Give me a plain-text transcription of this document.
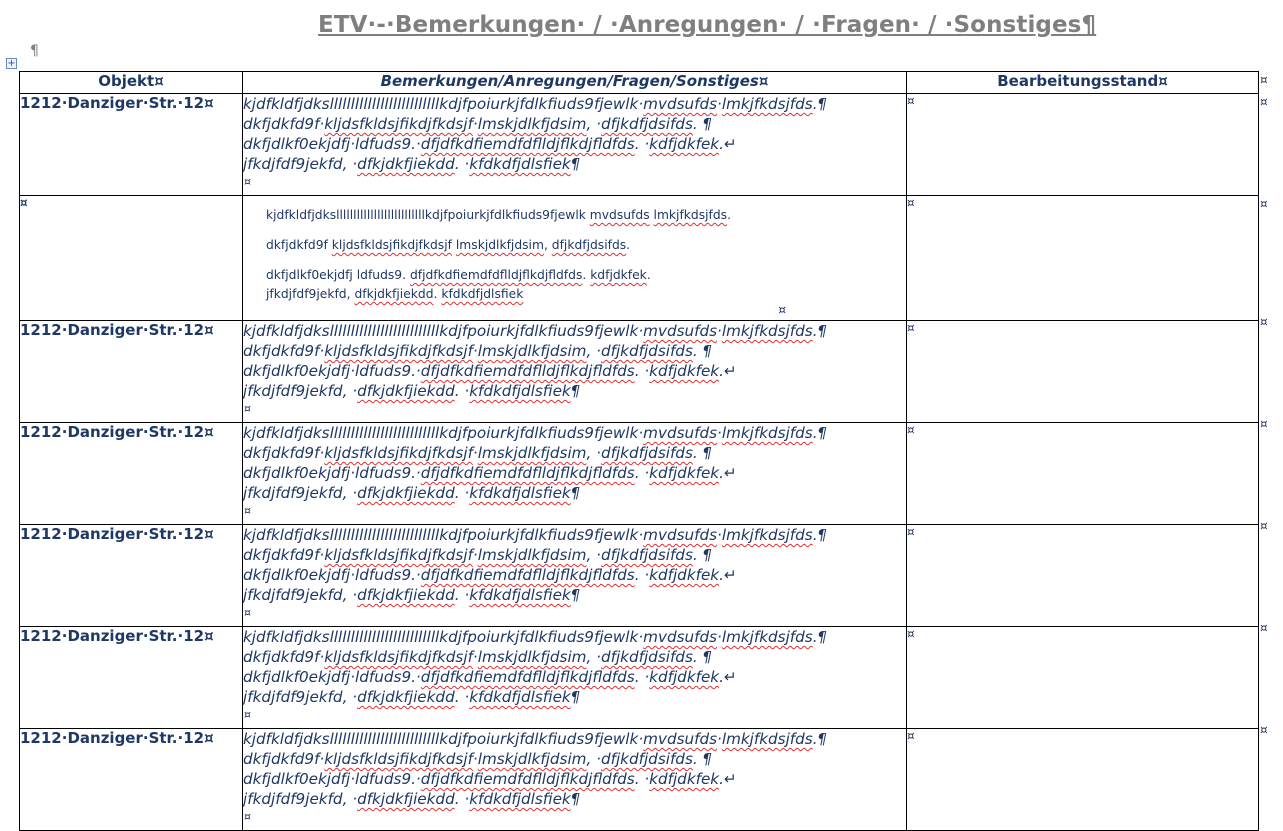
ETV·-·Bemerkungen· / ·Anregungen· / ·Fragen· / ·Sonstiges¶
¶
+
Objekt¤	Bemerkungen/Anregungen/Fragen/Sonstiges¤	Bearbeitungsstand¤
1212·Danziger·Str.·12¤	kjdfkldfjdksllllllllllllllllllllllllllkdjfpoiurkjfdlkfiuds9fjewlk·mvdsufds·lmkjfkdsjfds.¶
dkfjdkfd9f·kljdsfkldsjfikdjfkdsjf·lmskjdlkfjdsim, ·dfjkdfjdsifds. ¶
dkfjdlkf0ekjdfj·ldfuds9.·dfjdfkdfiemdfdflldjflkdjfldfds. ·kdfjdkfek.↵
jfkdjfdf9jekfd, ·dfkjdkfjiekdd. ·kfdkdfjdlsfiek¶
¤	¤
¤	kjdfkldfjdksllllllllllllllllllllllllllkdjfpoiurkjfdlkfiuds9fjewlk mvdsufds lmkjfkdsjfds.
dkfjdkfd9f kljdsfkldsjfikdjfkdsjf lmskjdlkfjdsim, dfjkdfjdsifds.
dkfjdlkf0ekjdfj ldfuds9. dfjdfkdfiemdfdflldjflkdjfldfds. kdfjdkfek.
jfkdjfdf9jekfd, dfkjdkfjiekdd. kfdkdfjdlsfiek
¤	¤
1212·Danziger·Str.·12¤	kjdfkldfjdksllllllllllllllllllllllllllkdjfpoiurkjfdlkfiuds9fjewlk·mvdsufds·lmkjfkdsjfds.¶
dkfjdkfd9f·kljdsfkldsjfikdjfkdsjf·lmskjdlkfjdsim, ·dfjkdfjdsifds. ¶
dkfjdlkf0ekjdfj·ldfuds9.·dfjdfkdfiemdfdflldjflkdjfldfds. ·kdfjdkfek.↵
jfkdjfdf9jekfd, ·dfkjdkfjiekdd. ·kfdkdfjdlsfiek¶
¤	¤
1212·Danziger·Str.·12¤	kjdfkldfjdksllllllllllllllllllllllllllkdjfpoiurkjfdlkfiuds9fjewlk·mvdsufds·lmkjfkdsjfds.¶
dkfjdkfd9f·kljdsfkldsjfikdjfkdsjf·lmskjdlkfjdsim, ·dfjkdfjdsifds. ¶
dkfjdlkf0ekjdfj·ldfuds9.·dfjdfkdfiemdfdflldjflkdjfldfds. ·kdfjdkfek.↵
jfkdjfdf9jekfd, ·dfkjdkfjiekdd. ·kfdkdfjdlsfiek¶
¤	¤
1212·Danziger·Str.·12¤	kjdfkldfjdksllllllllllllllllllllllllllkdjfpoiurkjfdlkfiuds9fjewlk·mvdsufds·lmkjfkdsjfds.¶
dkfjdkfd9f·kljdsfkldsjfikdjfkdsjf·lmskjdlkfjdsim, ·dfjkdfjdsifds. ¶
dkfjdlkf0ekjdfj·ldfuds9.·dfjdfkdfiemdfdflldjflkdjfldfds. ·kdfjdkfek.↵
jfkdjfdf9jekfd, ·dfkjdkfjiekdd. ·kfdkdfjdlsfiek¶
¤	¤
1212·Danziger·Str.·12¤	kjdfkldfjdksllllllllllllllllllllllllllkdjfpoiurkjfdlkfiuds9fjewlk·mvdsufds·lmkjfkdsjfds.¶
dkfjdkfd9f·kljdsfkldsjfikdjfkdsjf·lmskjdlkfjdsim, ·dfjkdfjdsifds. ¶
dkfjdlkf0ekjdfj·ldfuds9.·dfjdfkdfiemdfdflldjflkdjfldfds. ·kdfjdkfek.↵
jfkdjfdf9jekfd, ·dfkjdkfjiekdd. ·kfdkdfjdlsfiek¶
¤	¤
1212·Danziger·Str.·12¤	kjdfkldfjdksllllllllllllllllllllllllllkdjfpoiurkjfdlkfiuds9fjewlk·mvdsufds·lmkjfkdsjfds.¶
dkfjdkfd9f·kljdsfkldsjfikdjfkdsjf·lmskjdlkfjdsim, ·dfjkdfjdsifds. ¶
dkfjdlkf0ekjdfj·ldfuds9.·dfjdfkdfiemdfdflldjflkdjfldfds. ·kdfjdkfek.↵
jfkdjfdf9jekfd, ·dfkjdkfjiekdd. ·kfdkdfjdlsfiek¶
¤	¤
¤
¤
¤
¤
¤
¤
¤
¤
